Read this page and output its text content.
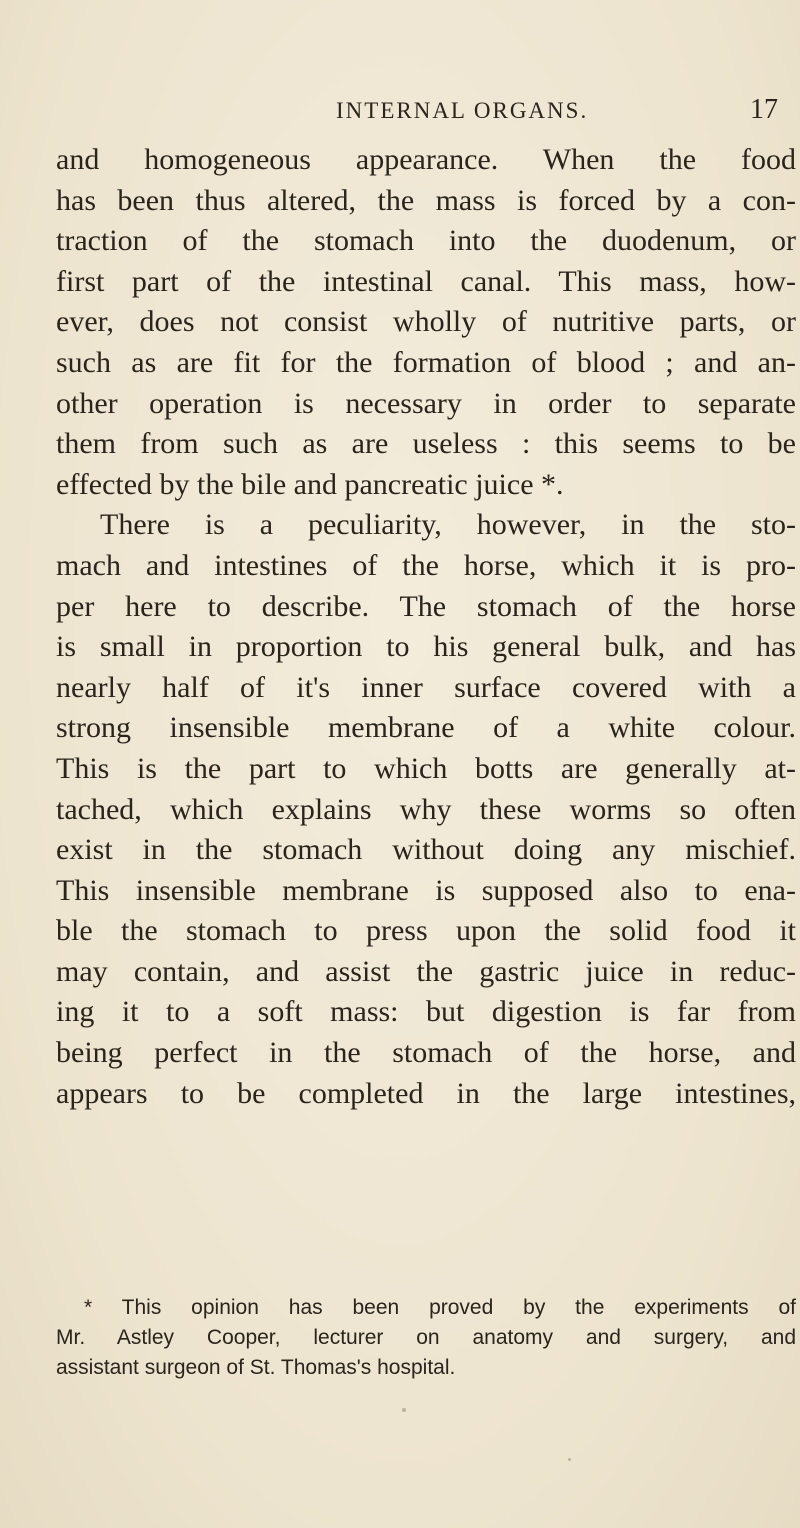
INTERNAL ORGANS.	17
and homogeneous appearance. When the food
has been thus altered, the mass is forced by a con-
traction of the stomach into the duodenum, or
first part of the intestinal canal. This mass, how-
ever, does not consist wholly of nutritive parts, or
such as are fit for the formation of blood ; and an-
other operation is necessary in order to separate
them from such as are useless : this seems to be
effected by the bile and pancreatic juice *.
There is a peculiarity, however, in the sto-
mach and intestines of the horse, which it is pro-
per here to describe. The stomach of the horse
is small in proportion to his general bulk, and has
nearly half of it's inner surface covered with a
strong insensible membrane of a white colour.
This is the part to which botts are generally at-
tached, which explains why these worms so often
exist in the stomach without doing any mischief.
This insensible membrane is supposed also to ena-
ble the stomach to press upon the solid food it
may contain, and assist the gastric juice in reduc-
ing it to a soft mass: but digestion is far from
being perfect in the stomach of the horse, and
appears to be completed in the large intestines,
* This opinion has been proved by the experiments of
Mr. Astley Cooper, lecturer on anatomy and surgery, and
assistant surgeon of St. Thomas's hospital.
